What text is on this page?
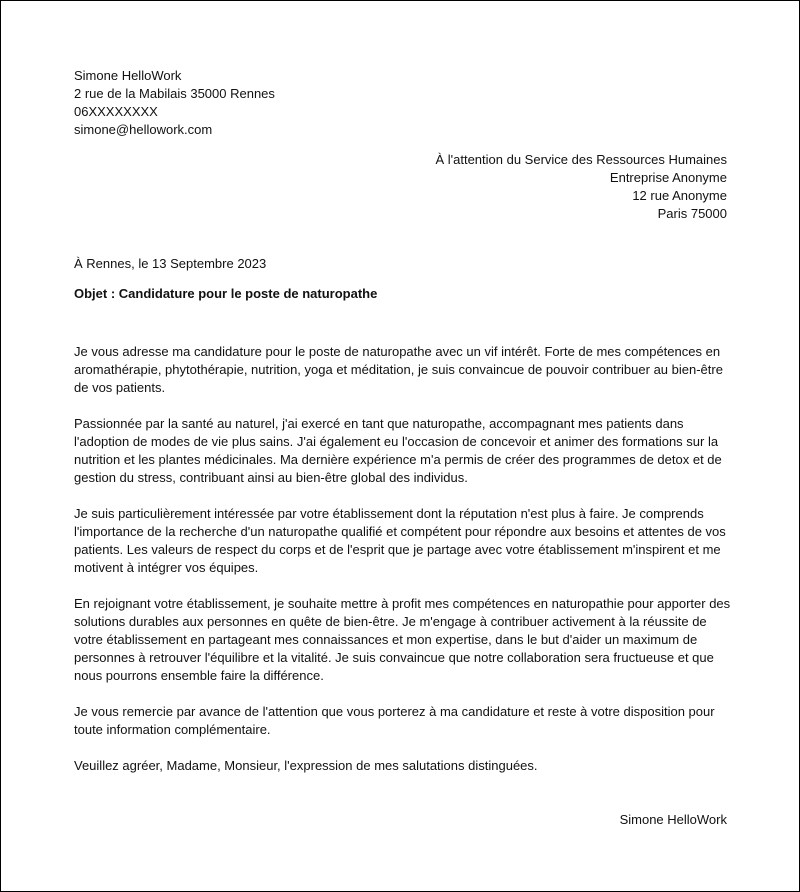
Simone HelloWork
2 rue de la Mabilais 35000 Rennes
06XXXXXXXX
simone@hellowork.com
À l'attention du Service des Ressources Humaines
Entreprise Anonyme
12 rue Anonyme
Paris 75000
À Rennes, le 13 Septembre 2023
Objet : Candidature pour le poste de naturopathe

Je vous adresse ma candidature pour le poste de naturopathe avec un vif intérêt. Forte de mes compétences en aromathérapie, phytothérapie, nutrition, yoga et méditation, je suis convaincue de pouvoir contribuer au bien-être de vos patients.

Passionnée par la santé au naturel, j'ai exercé en tant que naturopathe, accompagnant mes patients dans l'adoption de modes de vie plus sains. J'ai également eu l'occasion de concevoir et animer des formations sur la nutrition et les plantes médicinales. Ma dernière expérience m'a permis de créer des programmes de detox et de gestion du stress, contribuant ainsi au bien-être global des individus.

Je suis particulièrement intéressée par votre établissement dont la réputation n'est plus à faire. Je comprends l'importance de la recherche d'un naturopathe qualifié et compétent pour répondre aux besoins et attentes de vos patients. Les valeurs de respect du corps et de l'esprit que je partage avec votre établissement m'inspirent et me motivent à intégrer vos équipes.

En rejoignant votre établissement, je souhaite mettre à profit mes compétences en naturopathie pour apporter des solutions durables aux personnes en quête de bien-être. Je m'engage à contribuer activement à la réussite de votre établissement en partageant mes connaissances et mon expertise, dans le but d'aider un maximum de personnes à retrouver l'équilibre et la vitalité. Je suis convaincue que notre collaboration sera fructueuse et que nous pourrons ensemble faire la différence.

Je vous remercie par avance de l'attention que vous porterez à ma candidature et reste à votre disposition pour toute information complémentaire.

Veuillez agréer, Madame, Monsieur, l'expression de mes salutations distinguées.

Simone HelloWork
